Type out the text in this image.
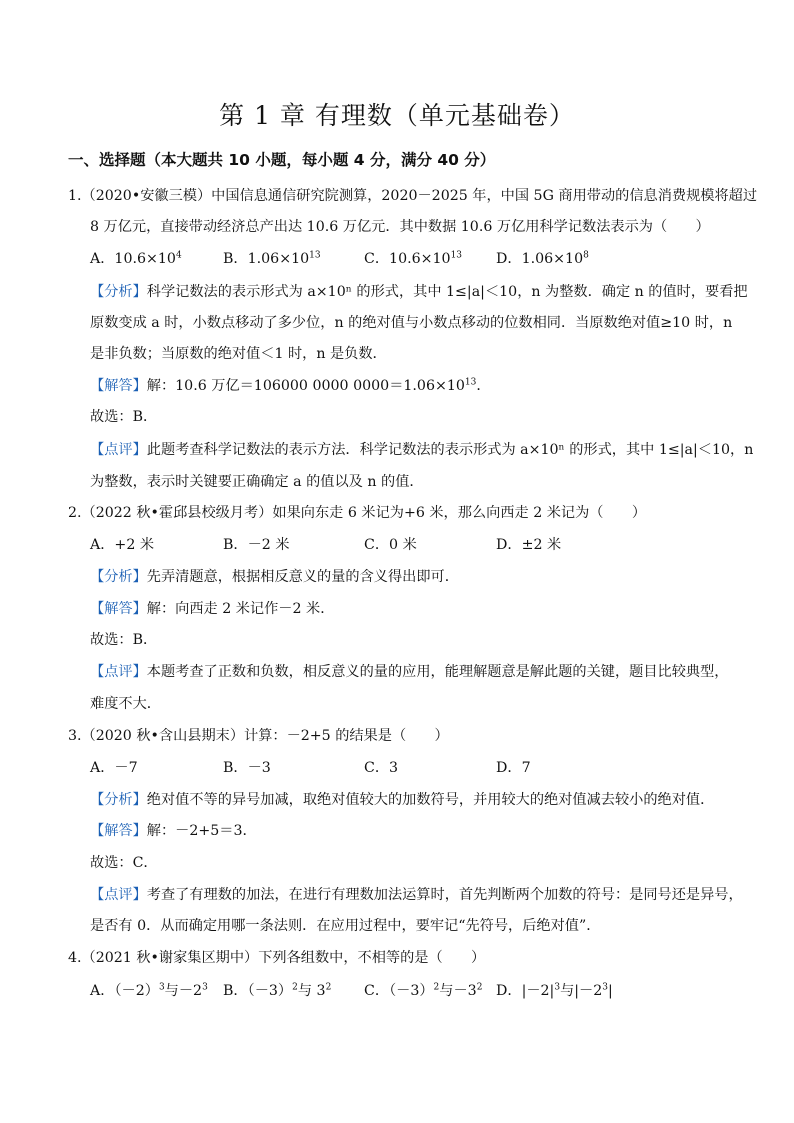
第 1 章 有理数（单元基础卷）
一、选择题（本大题共 10 小题，每小题 4 分，满分 40 分）
1.（2020•安徽三模）中国信息通信研究院测算，2020－2025 年，中国 5G 商用带动的信息消费规模将超过
8 万亿元，直接带动经济总产出达 10.6 万亿元．其中数据 10.6 万亿用科学记数法表示为（　　）
A．$10.6\times 10^4$	B．$1.06\times 10^{13}$	C．$10.6\times 10^{13}$ D．$1.06\times 10^8$
【分析】科学记数法的表示形式为 a×10ⁿ 的形式，其中 1≤|a|＜10，n 为整数．确定 n 的值时，要看把
原数变成 a 时，小数点移动了多少位，n 的绝对值与小数点移动的位数相同．当原数绝对值≥10 时，n
是非负数；当原数的绝对值＜1 时，n 是负数．
【解答】解：10.6 万亿＝106000 0000 $0000=1.06\times 10^{13}$．
故选：B．
【点评】此题考查科学记数法的表示方法．科学记数法的表示形式为 a×10ⁿ 的形式，其中 1≤|a|＜10，n
为整数，表示时关键要正确确定 a 的值以及 n 的值．
2.（2022 秋•霍邱县校级月考）如果向东走 6 米记为+6 米，那么向西走 2 米记为（　　）
A．+2 米	B．－2 米	C．0 米	D．±2 米
【分析】先弄清题意，根据相反意义的量的含义得出即可．
【解答】解：向西走 2 米记作－2 米．
故选：B．
【点评】本题考查了正数和负数，相反意义的量的应用，能理解题意是解此题的关键，题目比较典型，
难度不大．
3.（2020 秋•含山县期末）计算：－2+5 的结果是（　　）
A．－7	B．－3	C．3	D．7
【分析】绝对值不等的异号加减，取绝对值较大的加数符号，并用较大的绝对值减去较小的绝对值．
【解答】解：－2+5＝3．
故选：C．
【点评】考查了有理数的加法，在进行有理数加法运算时，首先判断两个加数的符号：是同号还是异号，
是否有 0．从而确定用哪一条法则．在应用过程中，要牢记“先符号，后绝对值”．
4.（2021 秋•谢家集区期中）下列各组数中，不相等的是（　　）
A．$(-2)^3$与$-2^3$ B．$(-3)^2$与 $3^2$ C．$(-3)^2$与$-3^2$ D．$|-2|^3$与$|-2^3|$
